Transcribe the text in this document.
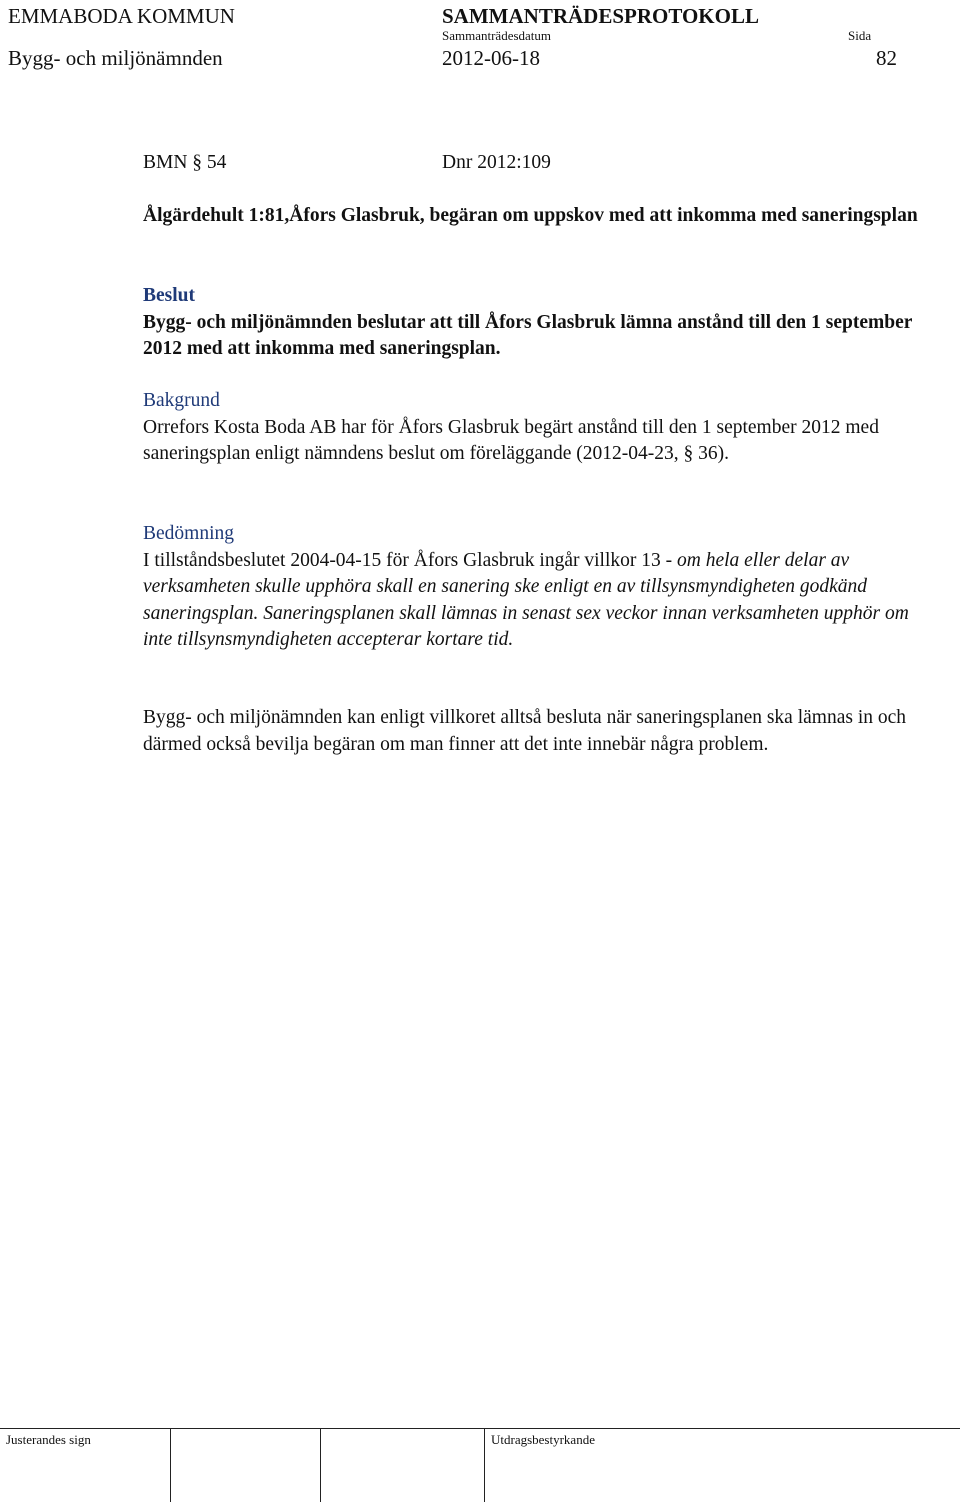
EMMABODA KOMMUN	SAMMANTRÄDESPROTOKOLL
Sammanträdesdatum	Sida
Bygg- och miljönämnden	2012-06-18	82
BMN § 54	Dnr 2012:109
Ålgärdehult 1:81,Åfors Glasbruk, begäran om uppskov med att inkomma med saneringsplan

Beslut

Bygg- och miljönämnden beslutar att till Åfors Glasbruk lämna anstånd till den 1 september 2012 med att inkomma med saneringsplan.

Bakgrund

Orrefors Kosta Boda AB har för Åfors Glasbruk begärt anstånd till den 1 september 2012 med saneringsplan enligt nämndens beslut om föreläggande (2012-04-23, § 36).

Bedömning

I tillståndsbeslutet 2004-04-15 för Åfors Glasbruk ingår villkor 13 - om hela eller delar av verksamheten skulle upphöra skall en sanering ske enligt en av tillsynsmyndigheten godkänd saneringsplan. Saneringsplanen skall lämnas in senast sex veckor innan verksamheten upphör om inte tillsynsmyndigheten accepterar kortare tid.

Bygg- och miljönämnden kan enligt villkoret alltså besluta när saneringsplanen ska lämnas in och därmed också bevilja begäran om man finner att det inte innebär några problem.
Justerandes sign	Utdragsbestyrkande
